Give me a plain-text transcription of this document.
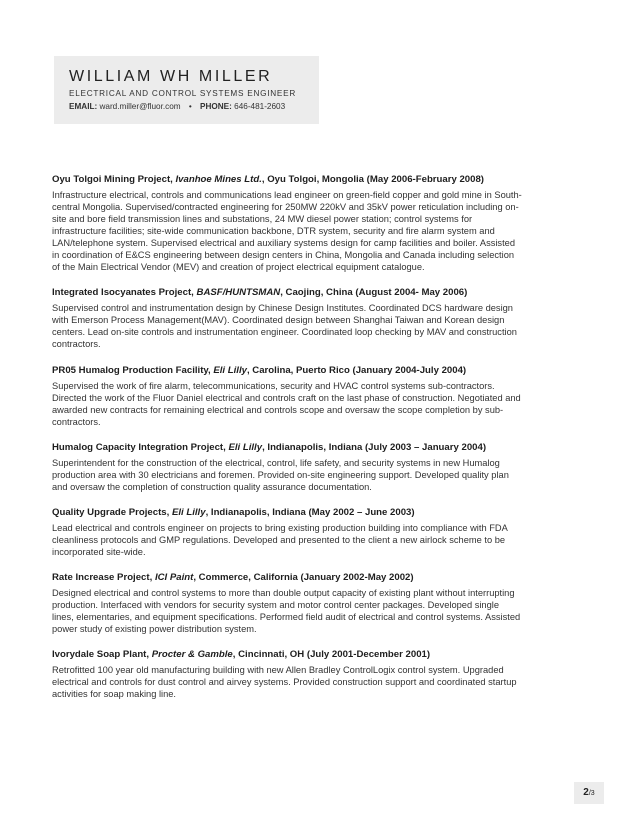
WILLIAM WH MILLER
ELECTRICAL AND CONTROL SYSTEMS ENGINEER
EMAIL: ward.miller@fluor.com • PHONE: 646-481-2603

Oyu Tolgoi Mining Project, Ivanhoe Mines Ltd., Oyu Tolgoi, Mongolia (May 2006-February 2008)

Infrastructure electrical, controls and communications lead engineer on green-field copper and gold mine in South-central Mongolia. Supervised/contracted engineering for 250MW 220kV and 35kV power reticulation including on-site and bore field transmission lines and substations, 24 MW diesel power station; control systems for infrastructure facilities; site-wide communication backbone, DTR system, security and fire alarm system and LAN/telephone system. Supervised electrical and auxiliary systems design for camp facilities and boiler. Assisted in coordination of E&CS engineering between design centers in China, Mongolia and Canada including selection of the Main Electrical Vendor (MEV) and creation of project electrical equipment catalogue.

Integrated Isocyanates Project, BASF/HUNTSMAN, Caojing, China (August 2004- May 2006)

Supervised control and instrumentation design by Chinese Design Institutes. Coordinated DCS hardware design with Emerson Process Management(MAV). Coordinated design between Shanghai Taiwan and Korean design centers. Lead on-site controls and instrumentation engineer. Coordinated loop checking by MAV and construction contractors.

PR05 Humalog Production Facility, Eli Lilly, Carolina, Puerto Rico (January 2004-July 2004)

Supervised the work of fire alarm, telecommunications, security and HVAC control systems sub-contractors. Directed the work of the Fluor Daniel electrical and controls craft on the last phase of construction. Negotiated and awarded new contracts for remaining electrical and controls scope and oversaw the scope completion by sub-contractors.

Humalog Capacity Integration Project, Eli Lilly, Indianapolis, Indiana (July 2003 – January 2004)

Superintendent for the construction of the electrical, control, life safety, and security systems in new Humalog production area with 30 electricians and foremen. Provided on-site engineering support. Developed quality plan and oversaw the completion of construction quality assurance documentation.

Quality Upgrade Projects, Eli Lilly, Indianapolis, Indiana (May 2002 – June 2003)

Lead electrical and controls engineer on projects to bring existing production building into compliance with FDA cleanliness protocols and GMP regulations. Developed and presented to the client a new airlock scheme to be incorporated site-wide.

Rate Increase Project, ICI Paint, Commerce, California (January 2002-May 2002)

Designed electrical and control systems to more than double output capacity of existing plant without interrupting production. Interfaced with vendors for security system and motor control center packages. Developed single lines, elementaries, and equipment specifications. Performed field audit of electrical and control systems. Assisted power study of existing power distribution system.

Ivorydale Soap Plant, Procter & Gamble, Cincinnati, OH (July 2001-December 2001)

Retrofitted 100 year old manufacturing building with new Allen Bradley ControlLogix control system. Upgraded electrical and controls for dust control and airvey systems. Provided construction support and coordinated startup activities for soap making line.

2/3
